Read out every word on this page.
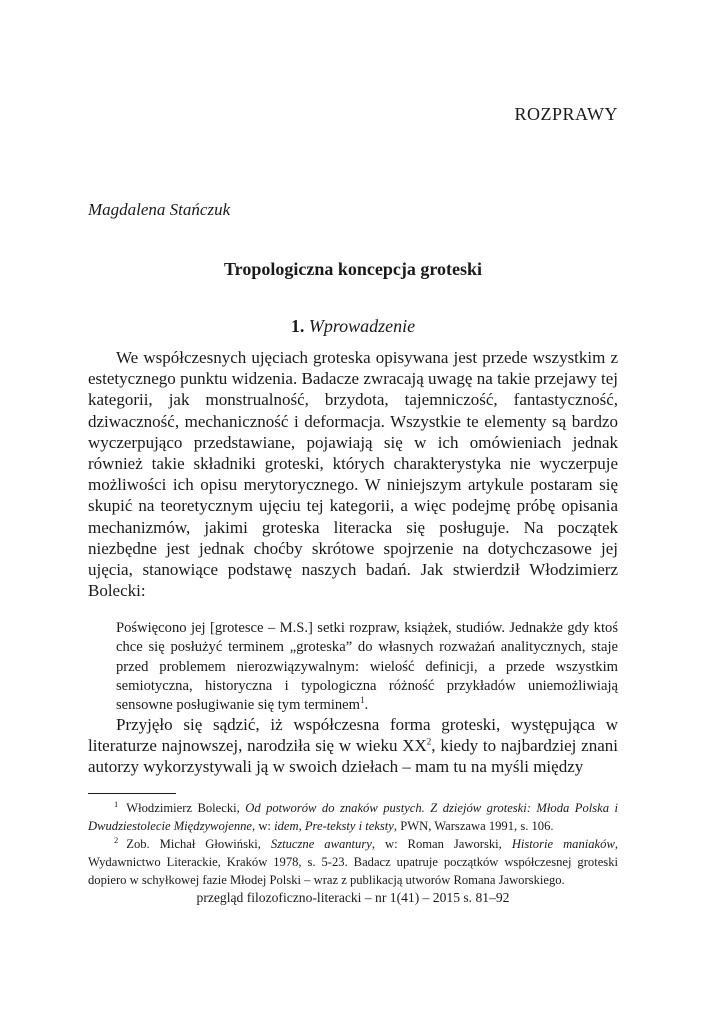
ROZPRAWY
Magdalena Stańczuk
Tropologiczna koncepcja groteski
1. Wprowadzenie

We współczesnych ujęciach groteska opisywana jest przede wszystkim z estetycznego punktu widzenia. Badacze zwracają uwagę na takie przejawy tej kategorii, jak monstrualność, brzydota, tajemniczość, fantastyczność, dziwaczność, mechaniczność i deformacja. Wszystkie te elementy są bardzo wyczerpująco przedstawiane, pojawiają się w ich omówieniach jednak również takie składniki groteski, których charakterystyka nie wyczerpuje możliwości ich opisu merytorycznego. W niniejszym artykule postaram się skupić na teoretycznym ujęciu tej kategorii, a więc podejmę próbę opisania mechanizmów, jakimi groteska literacka się posługuje. Na początek niezbędne jest jednak choćby skrótowe spojrzenie na dotychczasowe jej ujęcia, stanowiące podstawę naszych badań. Jak stwierdził Włodzimierz Bolecki:

Poświęcono jej [grotesce – M.S.] setki rozpraw, książek, studiów. Jednakże gdy ktoś chce się posłużyć terminem „groteska” do własnych rozważań analitycznych, staje przed problemem nierozwiązywalnym: wielość definicji, a przede wszystkim semiotyczna, historyczna i typologiczna różność przykładów uniemożliwiają sensowne posługiwanie się tym terminem$^1$.

Przyjęło się sądzić, iż współczesna forma groteski, występująca w literaturze najnowszej, narodziła się w wieku XX$^2$, kiedy to najbardziej znani autorzy wykorzystywali ją w swoich dziełach – mam tu na myśli między

$^1$ Włodzimierz Bolecki, Od potworów do znaków pustych. Z dziejów groteski: Młoda Polska i Dwudziestolecie Międzywojenne, w: idem, Pre-teksty i teksty, PWN, Warszawa 1991, s. 106.

$^2$ Zob. Michał Głowiński, Sztuczne awantury, w: Roman Jaworski, Historie maniaków, Wydawnictwo Literackie, Kraków 1978, s. 5-23. Badacz upatruje początków współczesnej groteski dopiero w schyłkowej fazie Młodej Polski – wraz z publikacją utworów Romana Jaworskiego.

przegląd filozoficzno-literacki – nr 1(41) – 2015 s. 81–92
